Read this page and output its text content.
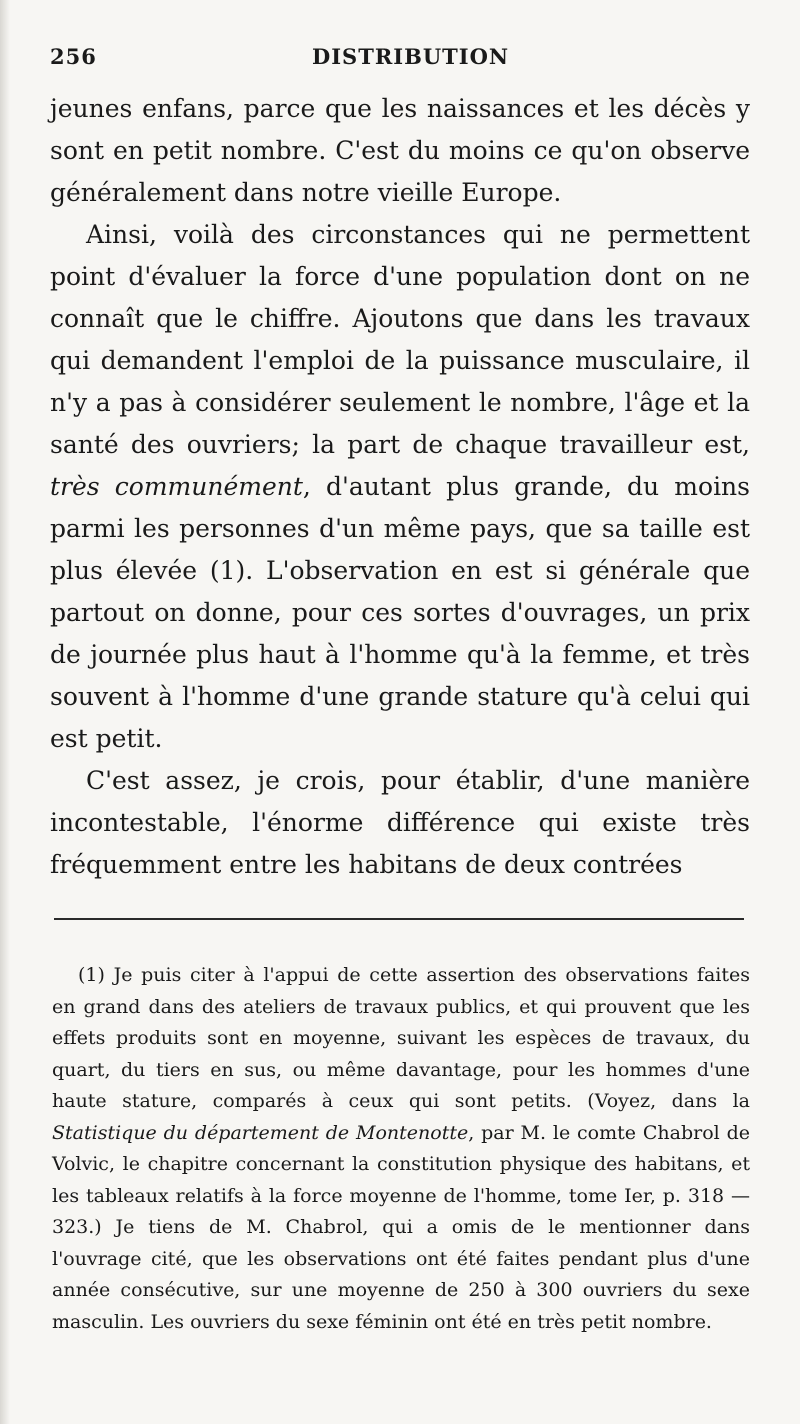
256	DISTRIBUTION

jeunes enfans, parce que les naissances et les décès y sont en petit nombre. C'est du moins ce qu'on observe généralement dans notre vieille Europe.

Ainsi, voilà des circonstances qui ne permettent point d'évaluer la force d'une population dont on ne connaît que le chiffre. Ajoutons que dans les travaux qui demandent l'emploi de la puissance musculaire, il n'y a pas à considérer seulement le nombre, l'âge et la santé des ouvriers; la part de chaque travailleur est, très communément, d'autant plus grande, du moins parmi les personnes d'un même pays, que sa taille est plus élevée (1). L'observation en est si générale que partout on donne, pour ces sortes d'ouvrages, un prix de journée plus haut à l'homme qu'à la femme, et très souvent à l'homme d'une grande stature qu'à celui qui est petit.

C'est assez, je crois, pour établir, d'une manière incontestable, l'énorme différence qui existe très fréquemment entre les habitans de deux contrées

(1) Je puis citer à l'appui de cette assertion des observations faites en grand dans des ateliers de travaux publics, et qui prouvent que les effets produits sont en moyenne, suivant les espèces de travaux, du quart, du tiers en sus, ou même davantage, pour les hommes d'une haute stature, comparés à ceux qui sont petits. (Voyez, dans la Statistique du département de Montenotte, par M. le comte Chabrol de Volvic, le chapitre concernant la constitution physique des habitans, et les tableaux relatifs à la force moyenne de l'homme, tome Ier, p. 318 — 323.) Je tiens de M. Chabrol, qui a omis de le mentionner dans l'ouvrage cité, que les observations ont été faites pendant plus d'une année consécutive, sur une moyenne de 250 à 300 ouvriers du sexe masculin. Les ouvriers du sexe féminin ont été en très petit nombre.
